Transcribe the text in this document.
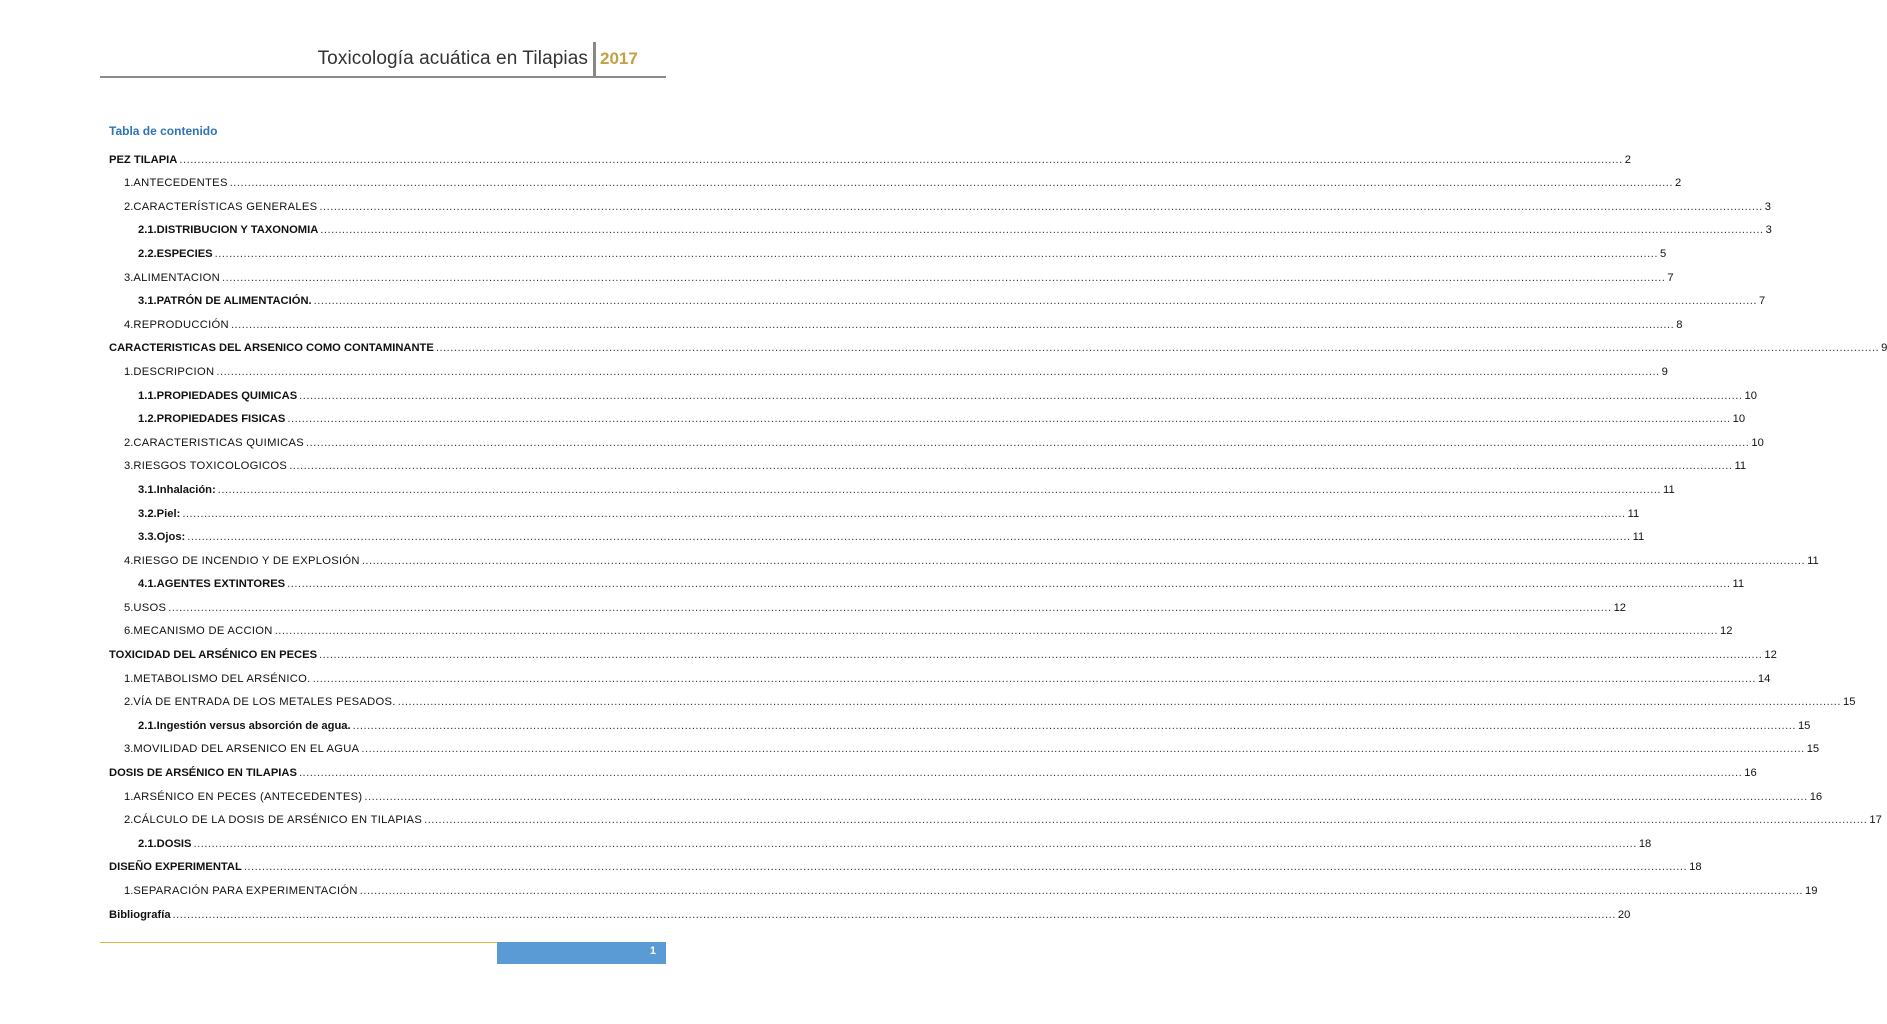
Toxicología acuática en Tilapias 2017
Tabla de contenido
PEZ TILAPIA ................................................................................................................................................................................................................................................................................................................................................................................................................ 2
1. ANTECEDENTES ................................................................................................................................................................................................................................................................................................................................................................................................................ 2
2. CARACTERÍSTICAS GENERALES ................................................................................................................................................................................................................................................................................................................................................................................................................ 3
2.1. DISTRIBUCION Y TAXONOMIA ................................................................................................................................................................................................................................................................................................................................................................................................................ 3
2.2. ESPECIES ................................................................................................................................................................................................................................................................................................................................................................................................................ 5
3. ALIMENTACION ................................................................................................................................................................................................................................................................................................................................................................................................................ 7
3.1. PATRÓN DE ALIMENTACIÓN. ................................................................................................................................................................................................................................................................................................................................................................................................................ 7
4. REPRODUCCIÓN ................................................................................................................................................................................................................................................................................................................................................................................................................ 8
CARACTERISTICAS DEL ARSENICO COMO CONTAMINANTE ................................................................................................................................................................................................................................................................................................................................................................................................................ 9
1. DESCRIPCION ................................................................................................................................................................................................................................................................................................................................................................................................................ 9
1.1. PROPIEDADES QUIMICAS ................................................................................................................................................................................................................................................................................................................................................................................................................ 10
1.2. PROPIEDADES FISICAS ................................................................................................................................................................................................................................................................................................................................................................................................................ 10
2. CARACTERISTICAS QUIMICAS ................................................................................................................................................................................................................................................................................................................................................................................................................ 10
3. RIESGOS TOXICOLOGICOS ................................................................................................................................................................................................................................................................................................................................................................................................................ 11
3.1. Inhalación: ................................................................................................................................................................................................................................................................................................................................................................................................................ 11
3.2. Piel: ................................................................................................................................................................................................................................................................................................................................................................................................................ 11
3.3. Ojos: ................................................................................................................................................................................................................................................................................................................................................................................................................ 11
4. RIESGO DE INCENDIO Y DE EXPLOSIÓN ................................................................................................................................................................................................................................................................................................................................................................................................................ 11
4.1. AGENTES EXTINTORES ................................................................................................................................................................................................................................................................................................................................................................................................................ 11
5. USOS ................................................................................................................................................................................................................................................................................................................................................................................................................ 12
6. MECANISMO DE ACCION ................................................................................................................................................................................................................................................................................................................................................................................................................ 12
TOXICIDAD DEL ARSÉNICO EN PECES ................................................................................................................................................................................................................................................................................................................................................................................................................ 12
1. METABOLISMO DEL ARSÉNICO. ................................................................................................................................................................................................................................................................................................................................................................................................................ 14
2. VÍA DE ENTRADA DE LOS METALES PESADOS. ................................................................................................................................................................................................................................................................................................................................................................................................................ 15
2.1. Ingestión versus absorción de agua. ................................................................................................................................................................................................................................................................................................................................................................................................................ 15
3. MOVILIDAD DEL ARSENICO EN EL AGUA ................................................................................................................................................................................................................................................................................................................................................................................................................ 15
DOSIS DE ARSÉNICO EN TILAPIAS ................................................................................................................................................................................................................................................................................................................................................................................................................ 16
1. ARSÉNICO EN PECES (ANTECEDENTES) ................................................................................................................................................................................................................................................................................................................................................................................................................ 16
2. CÁLCULO DE LA DOSIS DE ARSÉNICO EN TILAPIAS ................................................................................................................................................................................................................................................................................................................................................................................................................ 17
2.1. DOSIS ................................................................................................................................................................................................................................................................................................................................................................................................................ 18
DISEÑO EXPERIMENTAL ................................................................................................................................................................................................................................................................................................................................................................................................................ 18
1. SEPARACIÓN PARA EXPERIMENTACIÓN ................................................................................................................................................................................................................................................................................................................................................................................................................ 19
Bibliografía ................................................................................................................................................................................................................................................................................................................................................................................................................ 20
1
